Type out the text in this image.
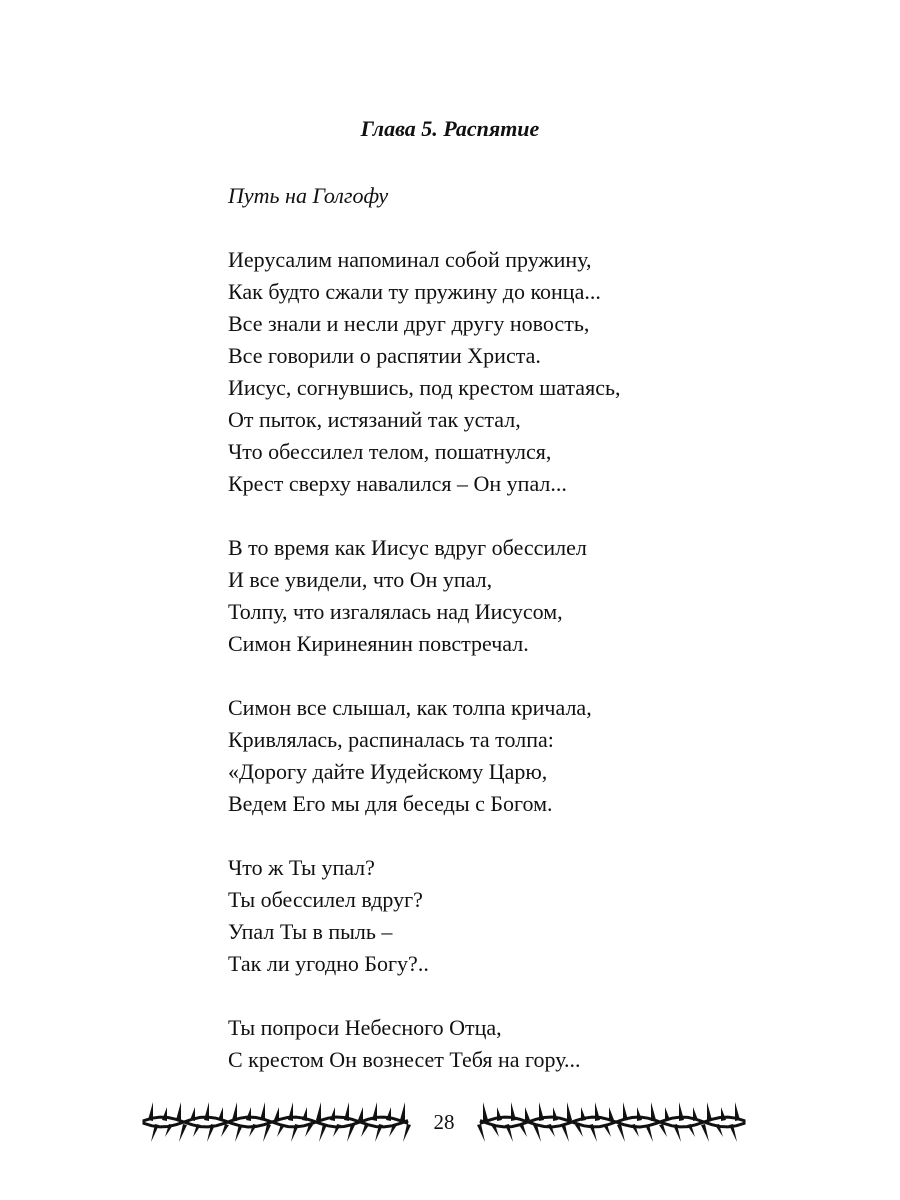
Глава 5. Распятие
Путь на Голгофу
Иерусалим напоминал собой пружину,
Как будто сжали ту пружину до конца...
Все знали и несли друг другу новость,
Все говорили о распятии Христа.
Иисус, согнувшись, под крестом шатаясь,
От пыток, истязаний так устал,
Что обессилел телом, пошатнулся,
Крест сверху навалился – Он упал...
В то время как Иисус вдруг обессилел
И все увидели, что Он упал,
Толпу, что изгалялась над Иисусом,
Симон Киринеянин повстречал.
Симон все слышал, как толпа кричала,
Кривлялась, распиналась та толпа:
«Дорогу дайте Иудейскому Царю,
Ведем Его мы для беседы с Богом.
Что ж Ты упал?
Ты обессилел вдруг?
Упал Ты в пыль –
Так ли угодно Богу?..
Ты попроси Небесного Отца,
С крестом Он вознесет Тебя на гору...
28
